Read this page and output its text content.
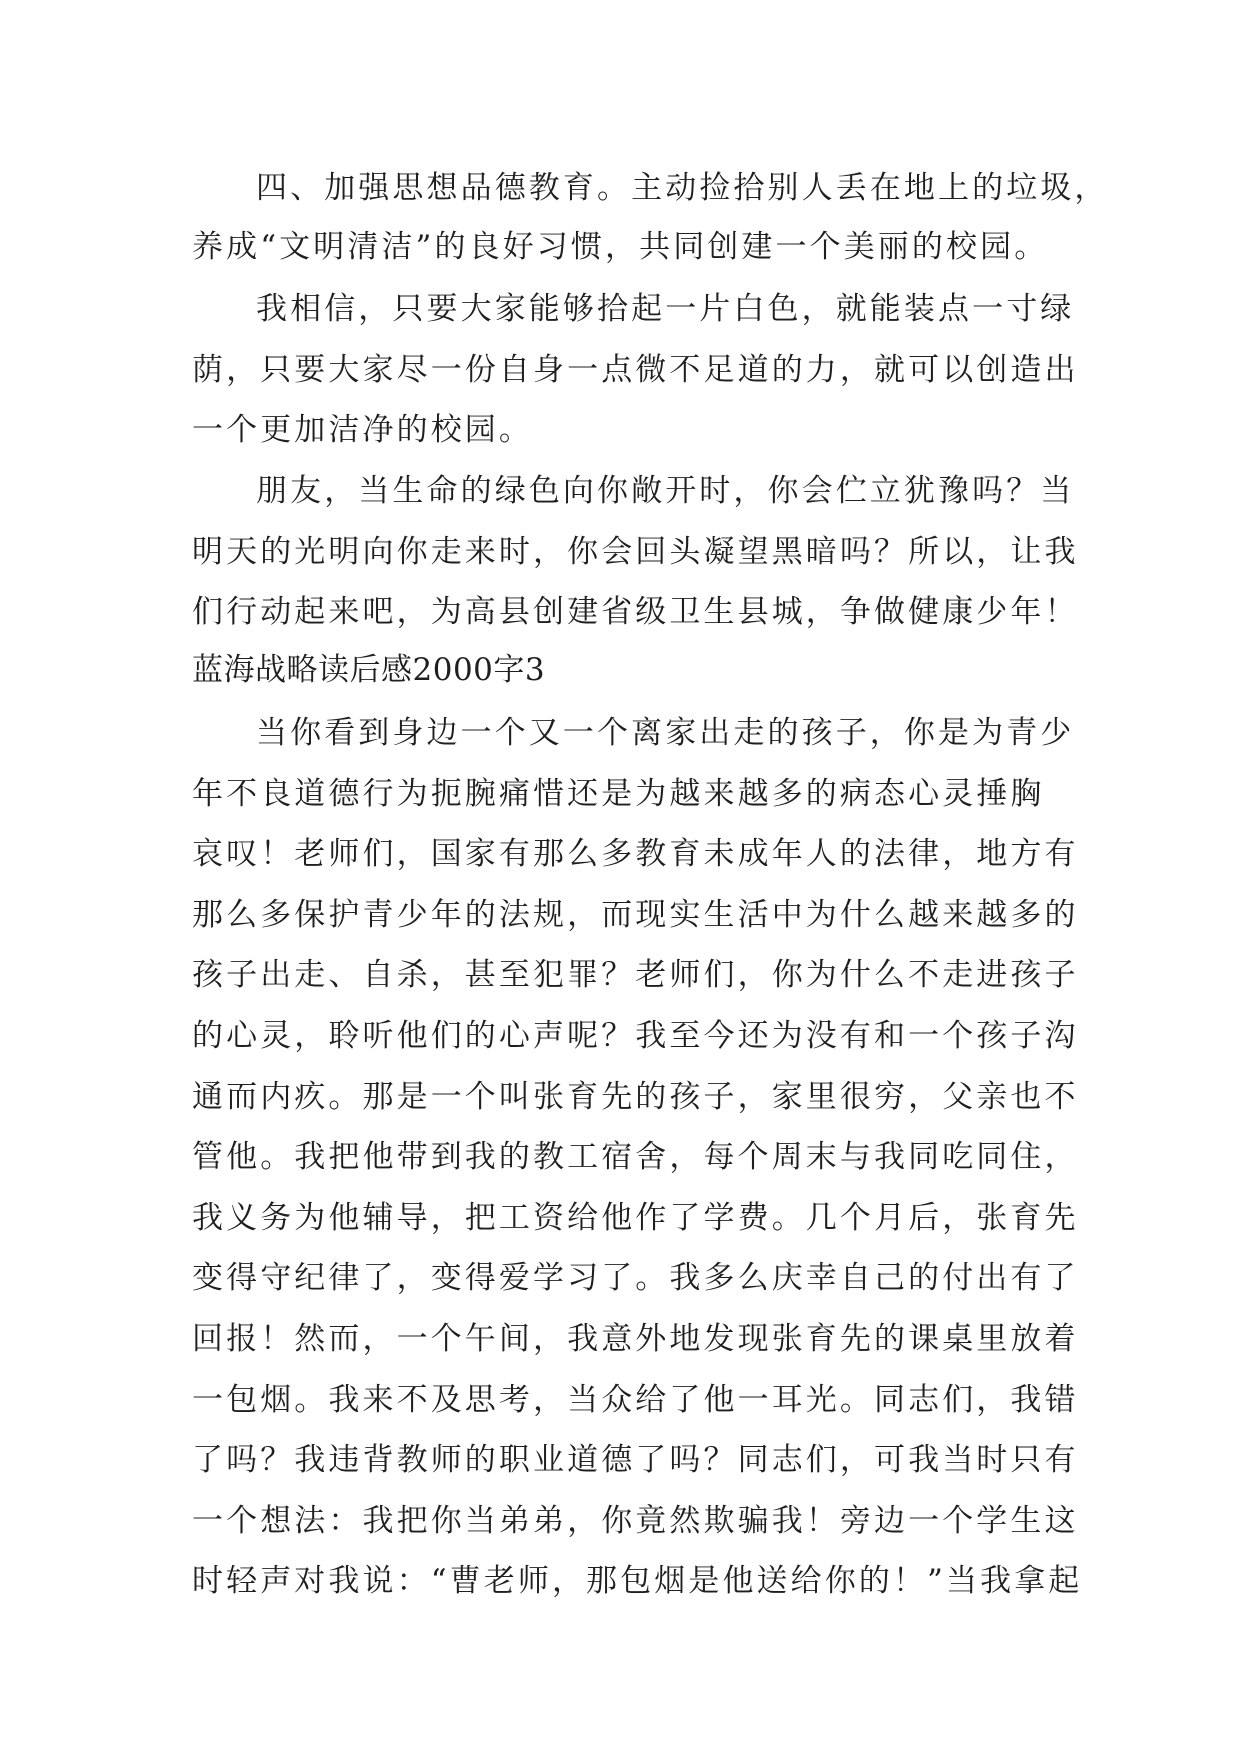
四、加强思想品德教育。主动捡拾别人丢在地上的垃圾，
养成“文明清洁”的良好习惯，共同创建一个美丽的校园。
我相信，只要大家能够拾起一片白色，就能装点一寸绿
荫，只要大家尽一份自身一点微不足道的力，就可以创造出
一个更加洁净的校园。
朋友，当生命的绿色向你敞开时，你会伫立犹豫吗？当
明天的光明向你走来时，你会回头凝望黑暗吗？所以，让我
们行动起来吧，为高县创建省级卫生县城，争做健康少年！
蓝海战略读后感2000字3
当你看到身边一个又一个离家出走的孩子，你是为青少
年不良道德行为扼腕痛惜还是为越来越多的病态心灵捶胸
哀叹！老师们，国家有那么多教育未成年人的法律，地方有
那么多保护青少年的法规，而现实生活中为什么越来越多的
孩子出走、自杀，甚至犯罪？老师们，你为什么不走进孩子
的心灵，聆听他们的心声呢？我至今还为没有和一个孩子沟
通而内疚。那是一个叫张育先的孩子，家里很穷，父亲也不
管他。我把他带到我的教工宿舍，每个周末与我同吃同住，
我义务为他辅导，把工资给他作了学费。几个月后，张育先
变得守纪律了，变得爱学习了。我多么庆幸自己的付出有了
回报！然而，一个午间，我意外地发现张育先的课桌里放着
一包烟。我来不及思考，当众给了他一耳光。同志们，我错
了吗？我违背教师的职业道德了吗？同志们，可我当时只有
一个想法：我把你当弟弟，你竟然欺骗我！旁边一个学生这
时轻声对我说：“曹老师，那包烟是他送给你的！”当我拿起
